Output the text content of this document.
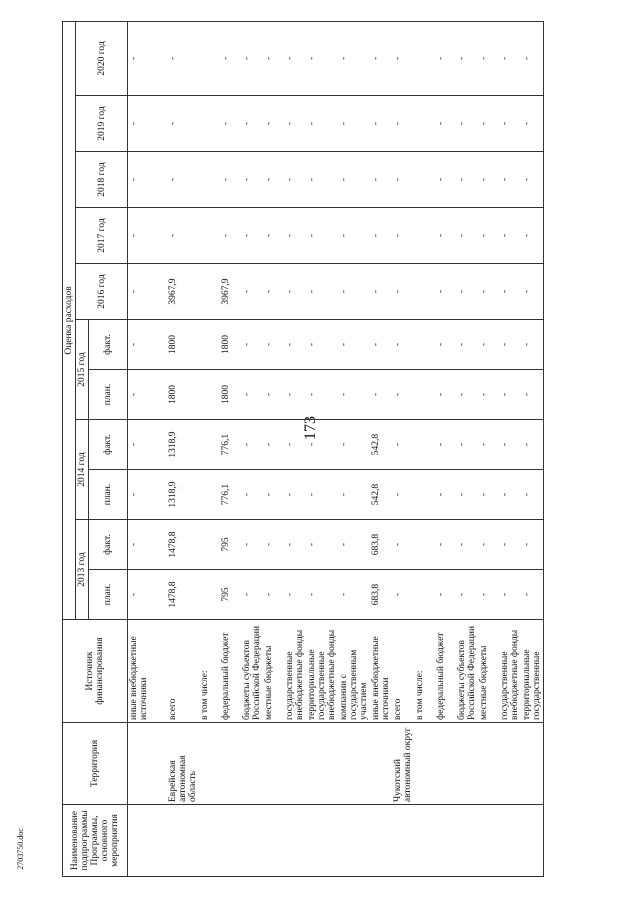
173
Наименование подпрограммы Программы, основного мероприятия	Территория	Источник финансирования	Оценка расходов										
			2013 год		2014 год		2015 год		2016 год	2017 год	2018 год	2019 год	2020 год
			план.	факт.	план.	факт.	план.	факт.					
		иные внебюджетные источники	-	-	-	-	-	-	-	-	-	-	-
	Еврейская автономная область	всего	1478,8	1478,8	1318,9	1318,9	1800	1800	3967,9	-	-	-	-
		в том числе:											
		федеральный бюджет	795	795	776,1	776,1	1800	1800	3967,9	-	-	-	-
		бюджеты субъектов Российской Федерации	-	-	-	-	-	-	-	-	-	-	-
		местные бюджеты	-	-	-	-	-	-	-	-	-	-	-
		государственные внебюджетные фонды	-	-	-	-	-	-	-	-	-	-	-
		территориальные государственные внебюджетные фонды	-	-	-	-	-	-	-	-	-	-	-
		компании с государственным участием	-	-	-	-	-	-	-	-	-	-	-
		иные внебюджетные источники	683,8	683,8	542,8	542,8	-	-	-	-	-	-	-
	Чукотский автономный округ	всего	-	-	-	-	-	-	-	-	-	-	-
		в том числе:											
		федеральный бюджет	-	-	-	-	-	-	-	-	-	-	-
		бюджеты субъектов Российской Федерации	-	-	-	-	-	-	-	-	-	-	-
		местные бюджеты	-	-	-	-	-	-	-	-	-	-	-
		государственные внебюджетные фонды	-	-	-	-	-	-	-	-	-	-	-
		территориальные государственные	-	-	-	-	-	-	-	-	-	-	-
2703750.doc
